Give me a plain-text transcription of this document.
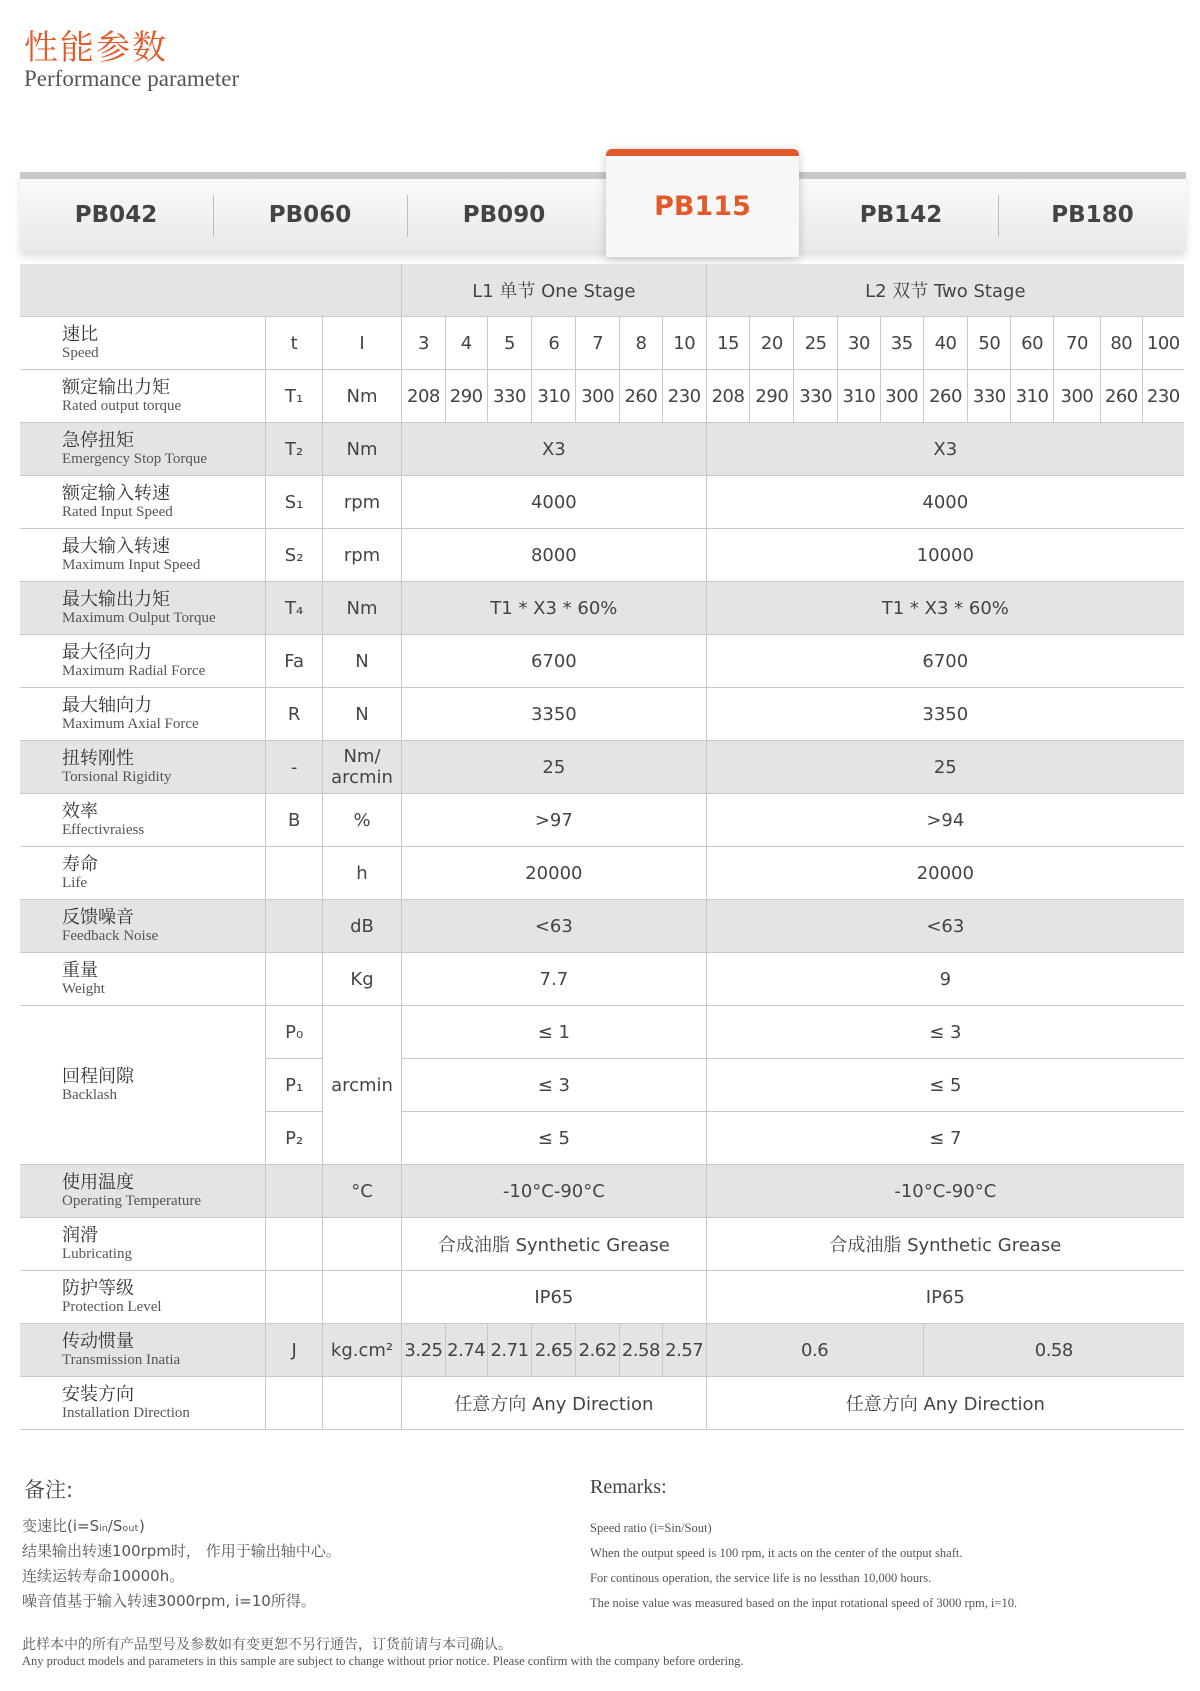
性能参数
Performance parameter
PB042	PB060	PB090	PB142	PB180
PB115
			L1 单节 One Stage							L2 双节 Two Stage										

速比
Speed	t	I	3	4	5	6	7	8	10	15	20	25	30	35	40	50	60	70	80	100

额定输出力矩
Rated output torque	T₁	Nm	208	290	330	310	300	260	230	208	290	330	310	300	260	330	310	300	260	230

急停扭矩
Emergency Stop Torque	T₂	Nm	X3							X3										

额定输入转速
Rated Input Speed	S₁	rpm	4000							4000										

最大输入转速
Maximum Input Speed	S₂	rpm	8000							10000										

最大输出力矩
Maximum Oulput Torque	T₄	Nm	T1 * X3 * 60%							T1 * X3 * 60%										

最大径向力
Maximum Radial Force	Fa	N	6700							6700										

最大轴向力
Maximum Axial Force	R	N	3350							3350										

扭转刚性
Torsional Rigidity	-	Nm/ arcmin	25							25										

效率
Effectivraiess	B	%	>97							>94										

寿命
Life		h	20000							20000										

反馈噪音
Feedback Noise		dB	<63							<63										

重量
Weight		Kg	7.7							9										

回程间隙
Backlash	P₀	arcmin	≤ 1							≤ 3										
	P₁		≤ 3							≤ 5										
	P₂		≤ 5							≤ 7										

使用温度
Operating Temperature		°C	-10°C-90°C							-10°C-90°C										

润滑
Lubricating			合成油脂 Synthetic Grease							合成油脂 Synthetic Grease										

防护等级
Protection Level			IP65							IP65										

传动惯量
Transmission Inatia	J	kg.cm²	3.25	2.74	2.71	2.65	2.62	2.58	2.57	0.6					0.58					

安装方向
Installation Direction			任意方向 Any Direction							任意方向 Any Direction										
备注:
变速比(i=Sᵢₙ/Sₒᵤₜ)
结果输出转速100rpm时， 作用于输出轴中心。
连续运转寿命10000h。
噪音值基于输入转速3000rpm, i=10所得。
Remarks:
Speed ratio (i=Sin/Sout)
When the output speed is 100 rpm, it acts on the center of the output shaft.
For continous operation, the service life is no lessthan 10,000 hours.
The noise value was measured based on the input rotational speed of 3000 rpm, i=10.
此样本中的所有产品型号及参数如有变更恕不另行通告，订货前请与本司确认。
Any product models and parameters in this sample are subject to change without prior notice. Please confirm with the company before ordering.
